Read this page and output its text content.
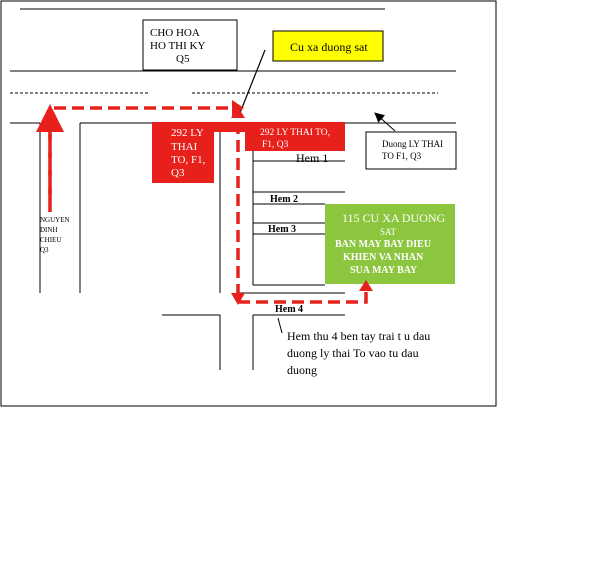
CHO HOA
HO THI KY
Q5
Cu xa duong sat
292 LY
THAI
TO, F1,
Q3
292 LY THAI TO,
F1, Q3
Hem 1
Hem 2
Hem 3
Hem 4
Duong LY THAI
TO F1, Q3
NGUYEN
DINH
CHIEU
Q3
115 CU XA DUONG
SAT
BAN MAY BAY DIEU
KHIEN VA NHAN
SUA MAY BAY
Hem thu 4 ben tay trai t u dau
duong ly thai To vao tu dau
duong
